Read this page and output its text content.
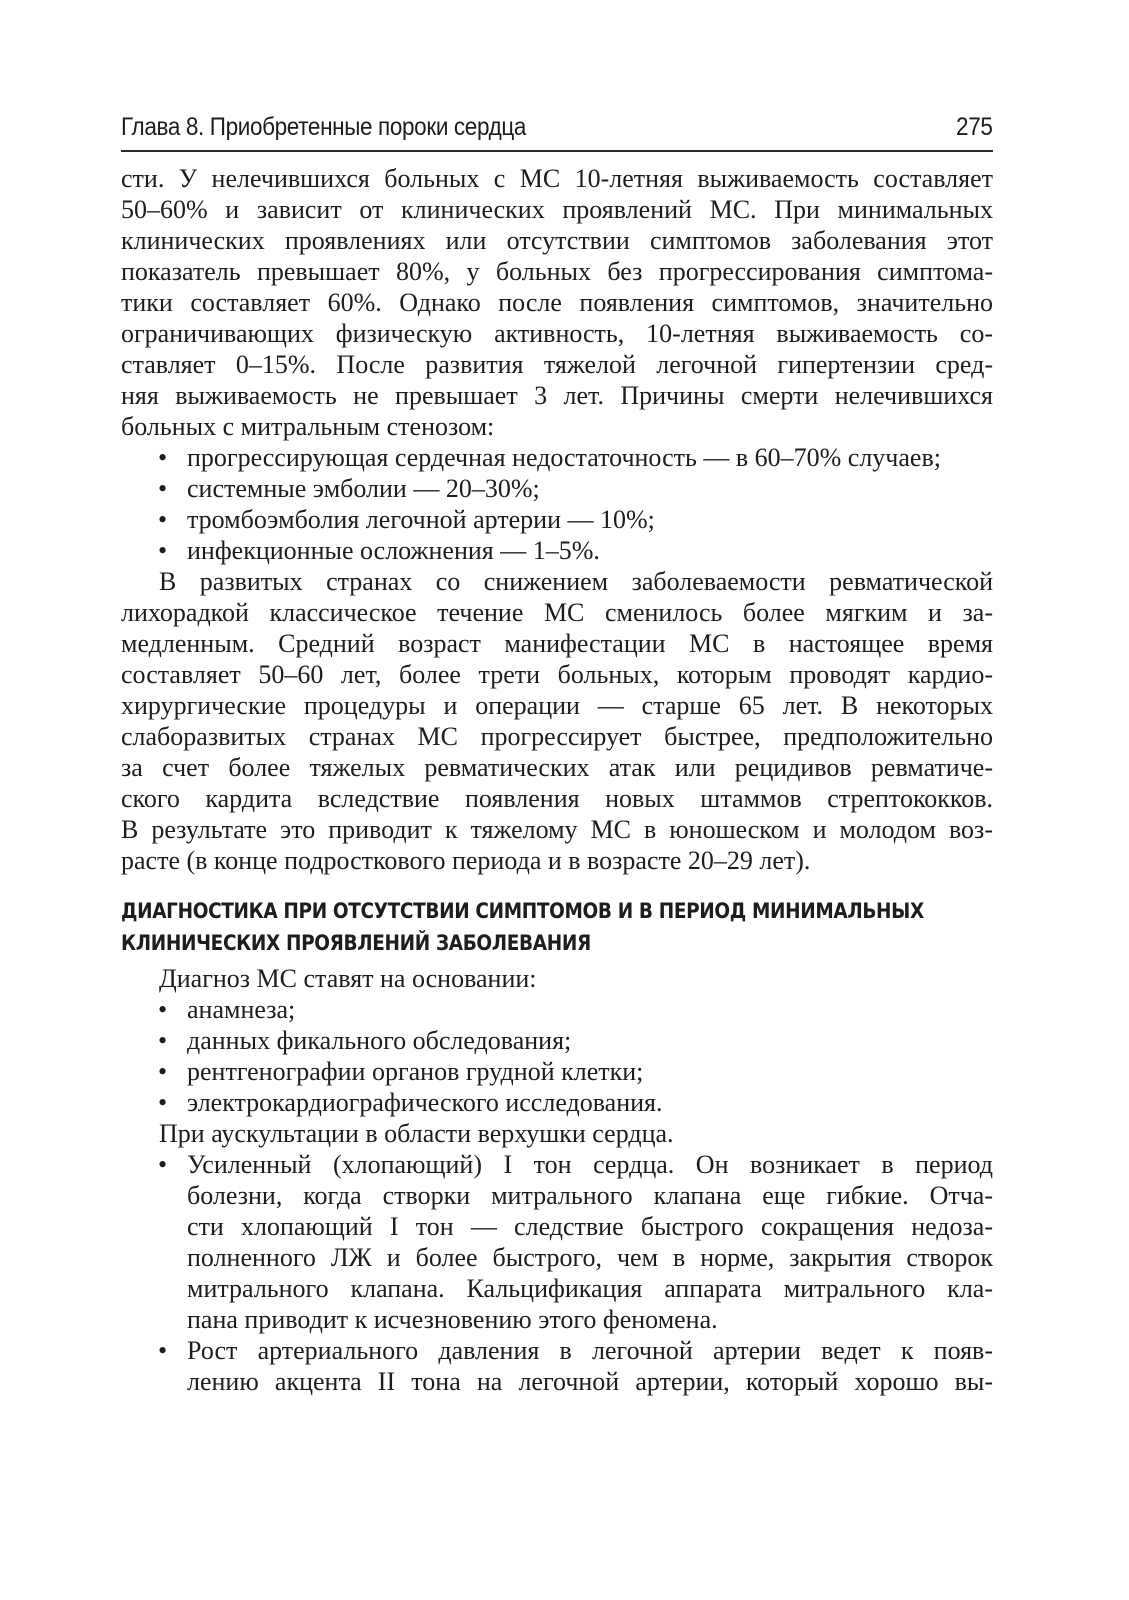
Глава 8. Приобретенные пороки сердца	275
сти. У нелечившихся больных с МС 10-летняя выживаемость составляет
50–60% и зависит от клинических проявлений МС. При минимальных
клинических проявлениях или отсутствии симптомов заболевания этот
показатель превышает 80%, у больных без прогрессирования симптома-
тики составляет 60%. Однако после появления симптомов, значительно
ограничивающих физическую активность, 10-летняя выживаемость со-
ставляет 0–15%. После развития тяжелой легочной гипертензии сред-
няя выживаемость не превышает 3 лет. Причины смерти нелечившихся
больных с митральным стенозом:
• прогрессирующая сердечная недостаточность — в 60–70% случаев;
• системные эмболии — 20–30%;
• тромбоэмболия легочной артерии — 10%;
• инфекционные осложнения — 1–5%.
В развитых странах со снижением заболеваемости ревматической
лихорадкой классическое течение МС сменилось более мягким и за-
медленным. Средний возраст манифестации МС в настоящее время
составляет 50–60 лет, более трети больных, которым проводят кардио-
хирургические процедуры и операции — старше 65 лет. В некоторых
слаборазвитых странах МС прогрессирует быстрее, предположительно
за счет более тяжелых ревматических атак или рецидивов ревматиче-
ского кардита вследствие появления новых штаммов стрептококков.
В результате это приводит к тяжелому МС в юношеском и молодом воз-
расте (в конце подросткового периода и в возрасте 20–29 лет).
ДИАГНОСТИКА ПРИ ОТСУТСТВИИ СИМПТОМОВ И В ПЕРИОД МИНИМАЛЬНЫХ
КЛИНИЧЕСКИХ ПРОЯВЛЕНИЙ ЗАБОЛЕВАНИЯ
Диагноз МС ставят на основании:
• анамнеза;
• данных фикального обследования;
• рентгенографии органов грудной клетки;
• электрокардиографического исследования.
При аускультации в области верхушки сердца.
• Усиленный (хлопающий) I тон сердца. Он возникает в период
болезни, когда створки митрального клапана еще гибкие. Отча-
сти хлопающий I тон — следствие быстрого сокращения недоза-
полненного ЛЖ и более быстрого, чем в норме, закрытия створок
митрального клапана. Кальцификация аппарата митрального кла-
пана приводит к исчезновению этого феномена.
• Рост артериального давления в легочной артерии ведет к появ-
лению акцента II тона на легочной артерии, который хорошо вы-
